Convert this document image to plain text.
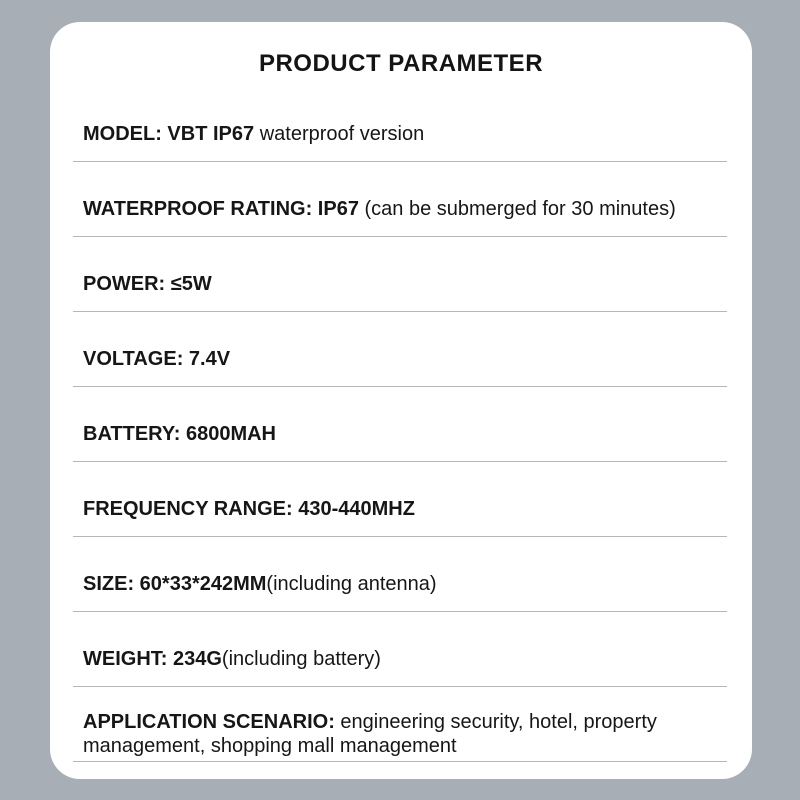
PRODUCT PARAMETER

MODEL: VBT IP67 waterproof version

WATERPROOF RATING: IP67 (can be submerged for 30 minutes)

POWER: ≤5W

VOLTAGE: 7.4V

BATTERY: 6800MAH

FREQUENCY RANGE: 430-440MHZ

SIZE: 60*33*242MM(including antenna)

WEIGHT: 234G(including battery)

APPLICATION SCENARIO: engineering security, hotel, property management, shopping mall management
